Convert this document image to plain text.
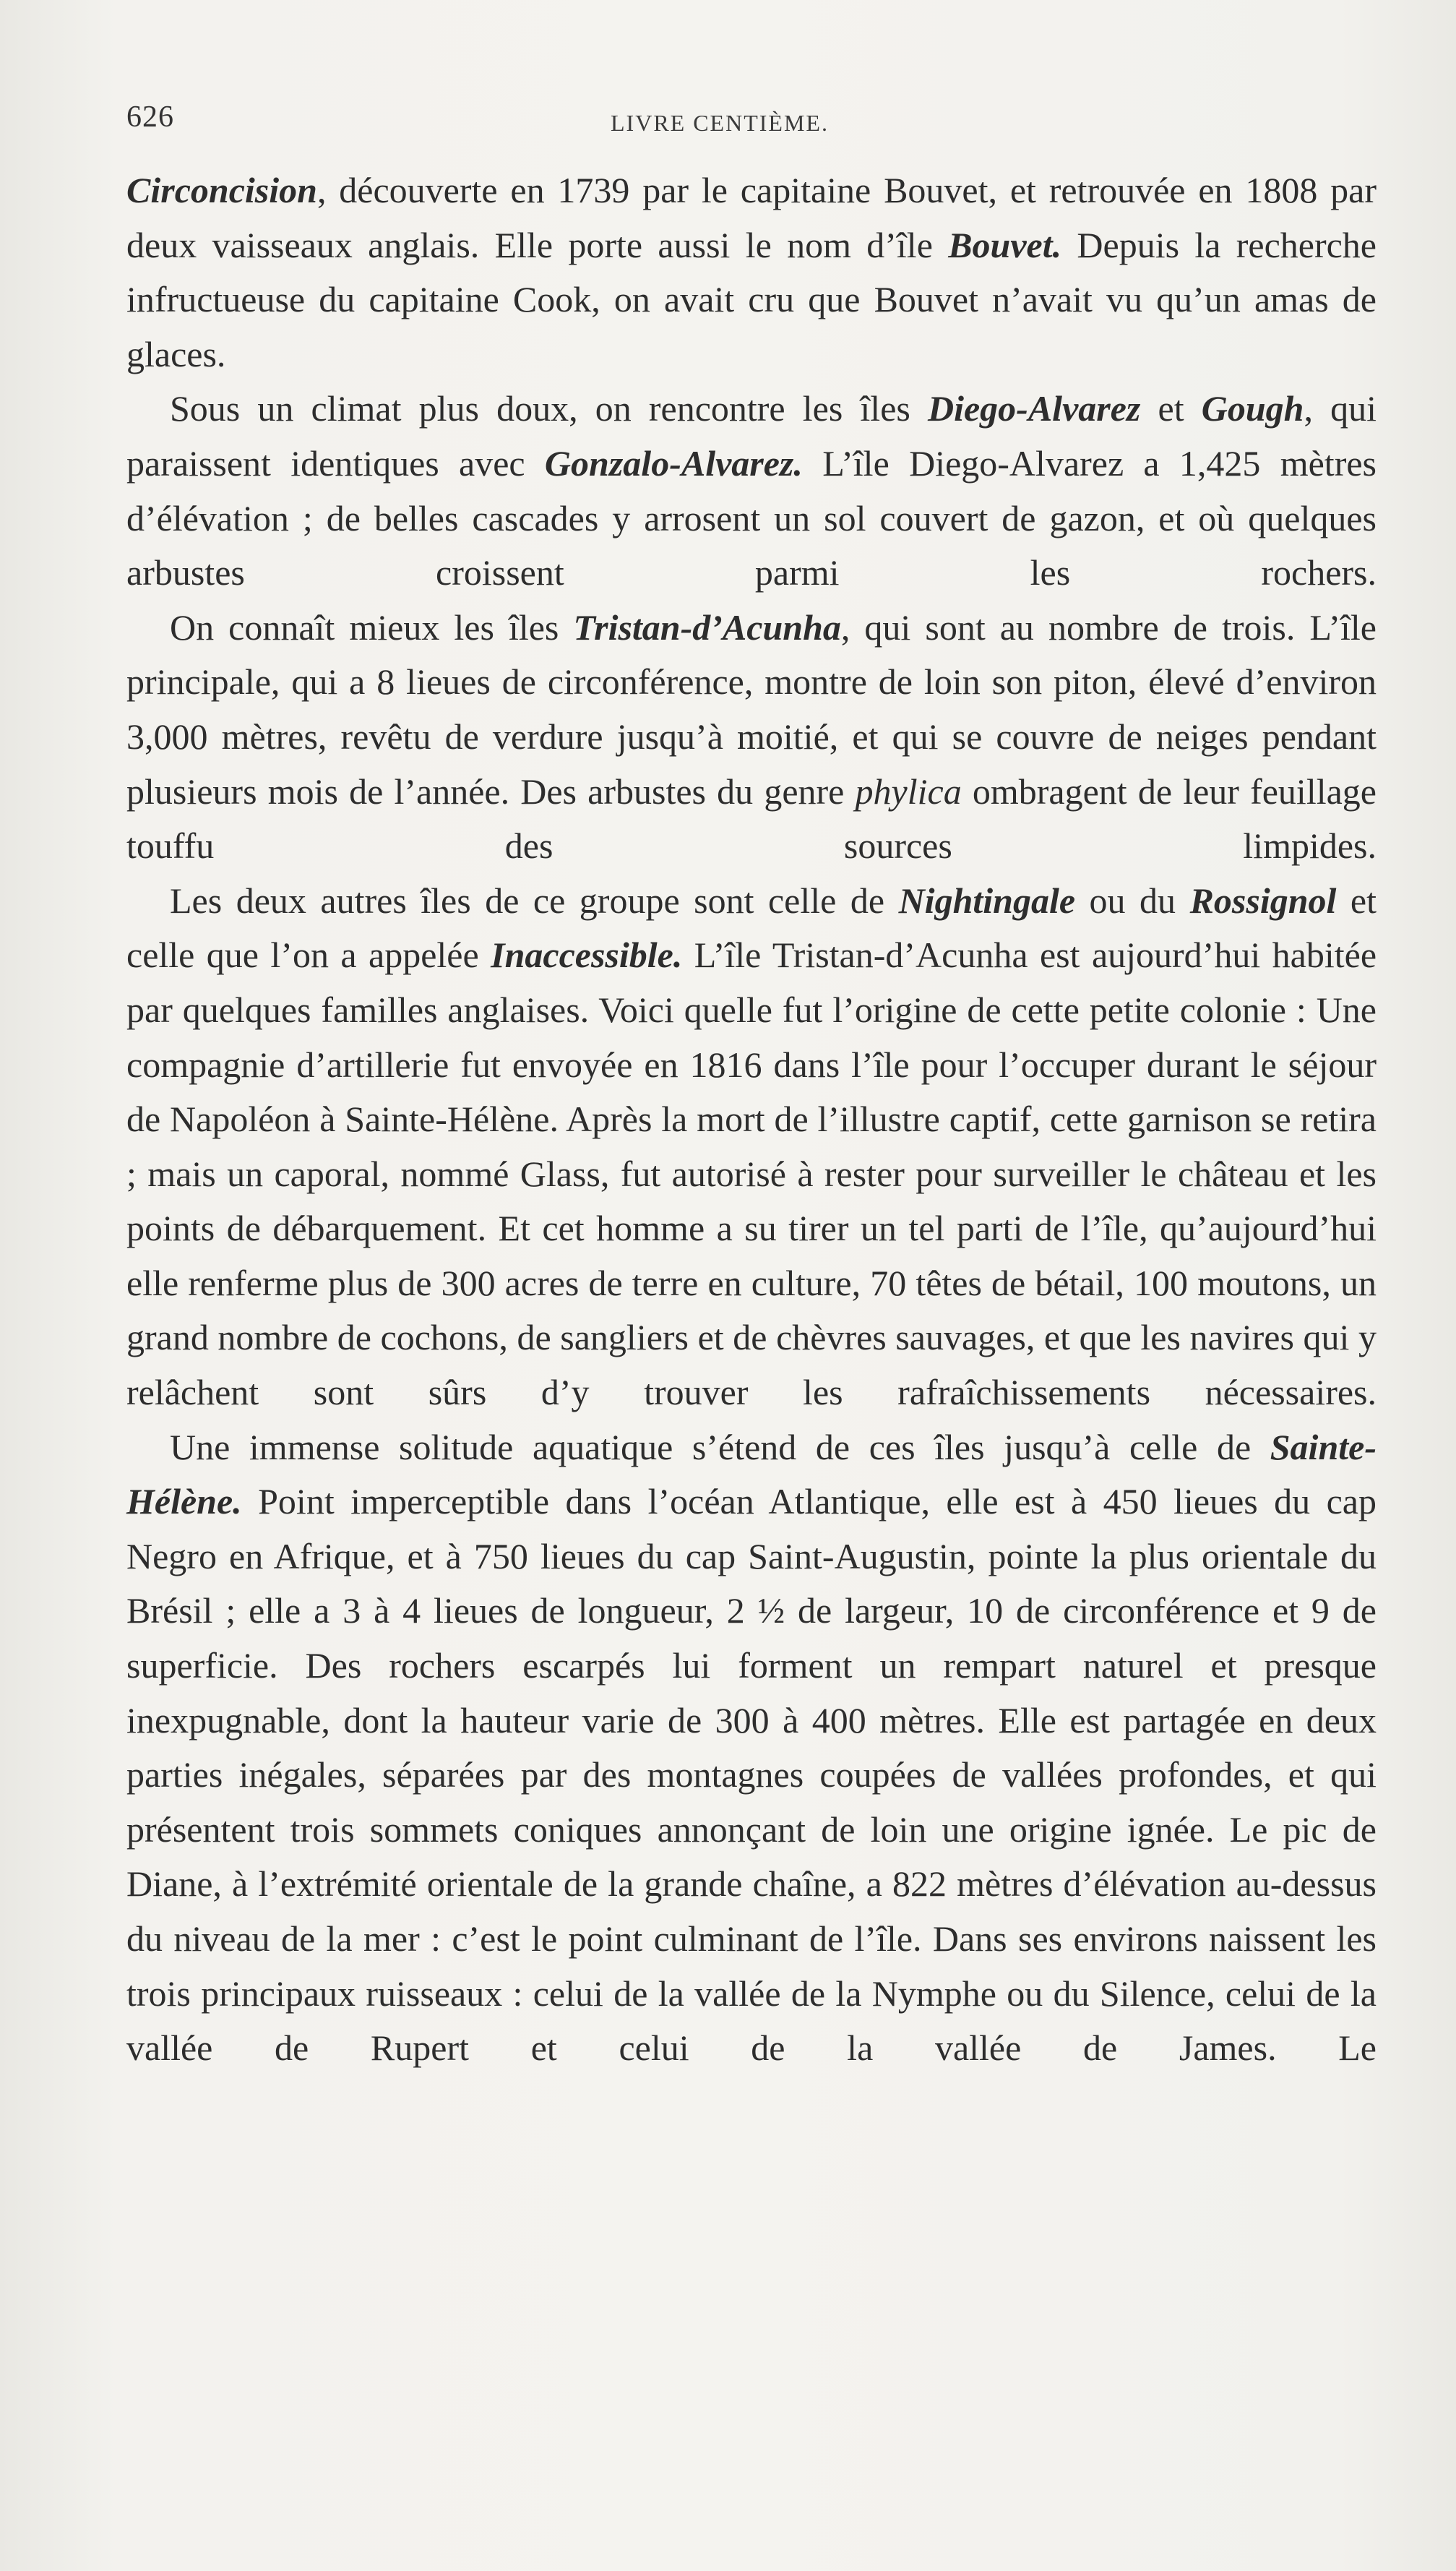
626	LIVRE CENTIÈME.

Circoncision, découverte en 1739 par le capitaine Bouvet, et retrouvée en 1808 par deux vaisseaux anglais. Elle porte aussi le nom d’île Bouvet. Depuis la recherche infructueuse du capitaine Cook, on avait cru que Bouvet n’avait vu qu’un amas de glaces.

Sous un climat plus doux, on rencontre les îles Diego-Alvarez et Gough, qui paraissent identiques avec Gonzalo-Alvarez. L’île Diego-Alvarez a 1,425 mètres d’élévation ; de belles cascades y arrosent un sol couvert de gazon, et où quelques arbustes croissent parmi les rochers.

On connaît mieux les îles Tristan-d’Acunha, qui sont au nombre de trois. L’île principale, qui a 8 lieues de circonférence, montre de loin son piton, élevé d’environ 3,000 mètres, revêtu de verdure jusqu’à moitié, et qui se couvre de neiges pendant plusieurs mois de l’année. Des arbustes du genre phylica ombragent de leur feuillage touffu des sources limpides.

Les deux autres îles de ce groupe sont celle de Nightingale ou du Rossignol et celle que l’on a appelée Inaccessible. L’île Tristan-d’Acunha est aujourd’hui habitée par quelques familles anglaises. Voici quelle fut l’origine de cette petite colonie : Une compagnie d’artillerie fut envoyée en 1816 dans l’île pour l’occuper durant le séjour de Napoléon à Sainte-Hélène. Après la mort de l’illustre captif, cette garnison se retira ; mais un caporal, nommé Glass, fut autorisé à rester pour surveiller le château et les points de débarquement. Et cet homme a su tirer un tel parti de l’île, qu’aujourd’hui elle renferme plus de 300 acres de terre en culture, 70 têtes de bétail, 100 moutons, un grand nombre de cochons, de sangliers et de chèvres sauvages, et que les navires qui y relâchent sont sûrs d’y trouver les rafraîchissements nécessaires.

Une immense solitude aquatique s’étend de ces îles jusqu’à celle de Sainte-Hélène. Point imperceptible dans l’océan Atlantique, elle est à 450 lieues du cap Negro en Afrique, et à 750 lieues du cap Saint-Augustin, pointe la plus orientale du Brésil ; elle a 3 à 4 lieues de longueur, 2 ½ de largeur, 10 de circonférence et 9 de superficie. Des rochers escarpés lui forment un rempart naturel et presque inexpugnable, dont la hauteur varie de 300 à 400 mètres. Elle est partagée en deux parties inégales, séparées par des montagnes coupées de vallées profondes, et qui présentent trois sommets coniques annonçant de loin une origine ignée. Le pic de Diane, à l’extrémité orientale de la grande chaîne, a 822 mètres d’élévation au-dessus du niveau de la mer : c’est le point culminant de l’île. Dans ses environs naissent les trois principaux ruisseaux : celui de la vallée de la Nymphe ou du Silence, celui de la vallée de Rupert et celui de la vallée de James. Le
